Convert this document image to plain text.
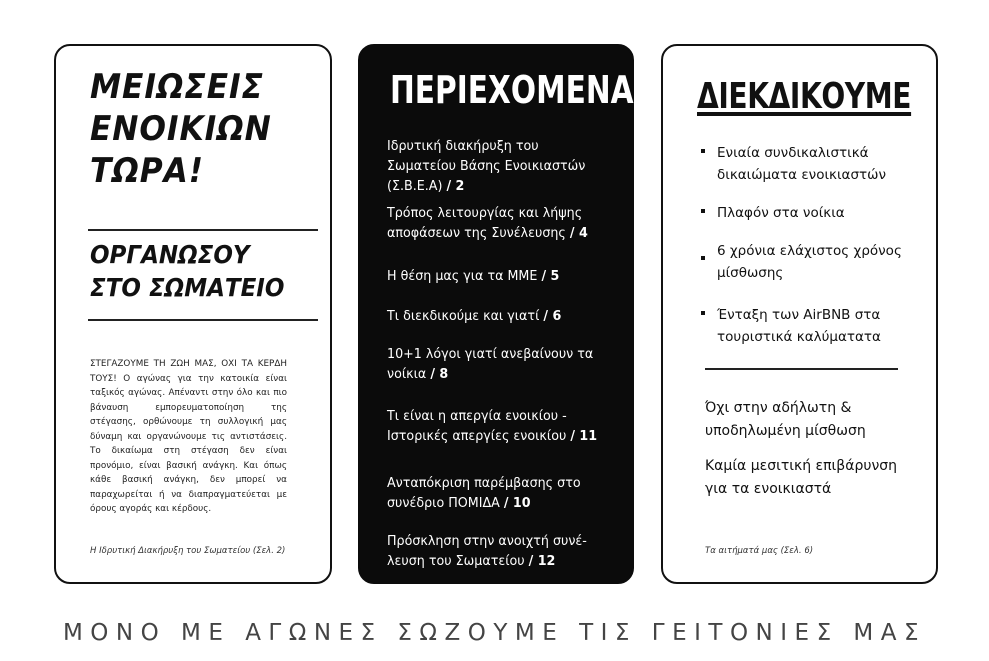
ΜΕΙΩΣΕΙΣ
ΕΝΟΙΚΙΩΝ
ΤΩΡΑ!
ΟΡΓΑΝΩΣΟΥ
ΣΤΟ ΣΩΜΑΤΕΙΟ

ΣΤΕΓΑΖΟΥΜΕ ΤΗ ΖΩΗ ΜΑΣ, ΟΧΙ ΤΑ ΚΕΡΔΗ ΤΟΥΣ! Ο αγώνας για την κατοικία είναι ταξικός αγώνας. Απέναντι στην όλο και πιο βάναυση εμπορευματοποίηση της στέγασης, ορθώνουμε τη συλλογική μας δύναμη και οργανώνουμε τις αντιστάσεις. Το δικαίωμα στη στέγαση δεν είναι προνόμιο, είναι βασική ανάγκη. Και όπως κάθε βασική ανάγκη, δεν μπορεί να παραχωρείται ή να διαπραγματεύεται με όρους αγοράς και κέρδους.

Η Ιδρυτική Διακήρυξη του Σωματείου (Σελ. 2)

ΠΕΡΙΕΧΟΜΕΝΑ
Ιδρυτική διακήρυξη του Σωματείου Βάσης Ενοικιαστών (Σ.Β.Ε.Α) / 2
Τρόπος λειτουργίας και λήψης αποφάσεων της Συνέλευσης / 4
Η θέση μας για τα ΜΜΕ / 5
Τι διεκδικούμε και γιατί / 6
10+1 λόγοι γιατί ανεβαίνουν τα νοίκια / 8
Τι είναι η απεργία ενοικίου - Ιστορικές απεργίες ενοικίου / 11
Ανταπόκριση παρέμβασης στο συνέδριο ΠΟΜΙΔΑ / 10
Πρόσκληση στην ανοιχτή συνέ-λευση του Σωματείου / 12
ΔΙΕΚΔΙΚΟΥΜΕ
Ενιαία συνδικαλιστικά δικαιώματα ενοικιαστών
Πλαφόν στα νοίκια
6 χρόνια ελάχιστος χρόνος μίσθωσης
Ένταξη των AirBNB στα τουριστικά καλύματατα

Όχι στην αδήλωτη & υποδηλωμένη μίσθωση

Καμία μεσιτική επιβάρυνση για τα ενοικιαστά

Τα αιτήματά μας (Σελ. 6)

ΜΟΝΟ ΜΕ ΑΓΩΝΕΣ ΣΩΖΟΥΜΕ ΤΙΣ ΓΕΙΤΟΝΙΕΣ ΜΑΣ
